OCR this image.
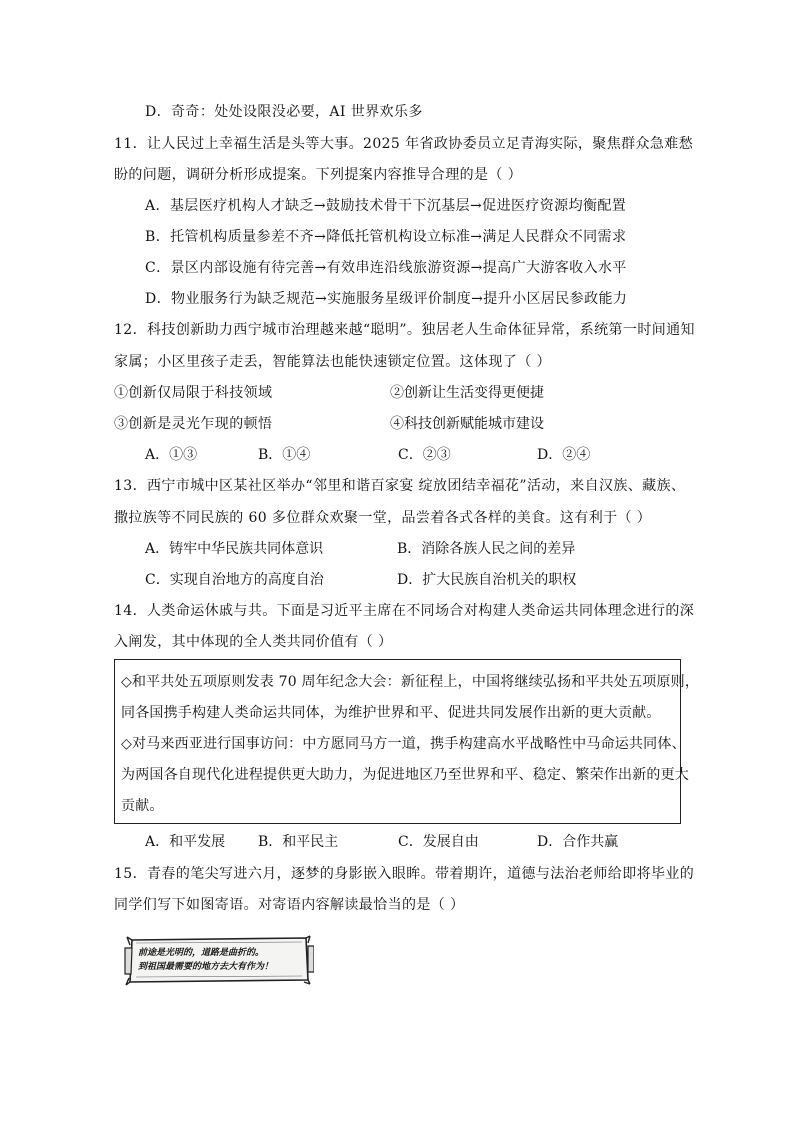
D．奇奇：处处设限没必要，AI 世界欢乐多
11．让人民过上幸福生活是头等大事。2025 年省政协委员立足青海实际，聚焦群众急难愁
盼的问题，调研分析形成提案。下列提案内容推导合理的是（ ）
A．基层医疗机构人才缺乏→鼓励技术骨干下沉基层→促进医疗资源均衡配置
B．托管机构质量参差不齐→降低托管机构设立标准→满足人民群众不同需求
C．景区内部设施有待完善→有效串连沿线旅游资源→提高广大游客收入水平
D．物业服务行为缺乏规范→实施服务星级评价制度→提升小区居民参政能力
12．科技创新助力西宁城市治理越来越“聪明”。独居老人生命体征异常，系统第一时间通知
家属；小区里孩子走丢，智能算法也能快速锁定位置。这体现了（ ）
①创新仅局限于科技领域	②创新让生活变得更便捷
③创新是灵光乍现的顿悟	④科技创新赋能城市建设
A．①③	B．①④	C．②③	D．②④
13．西宁市城中区某社区举办“邻里和谐百家宴 绽放团结幸福花”活动，来自汉族、藏族、
撒拉族等不同民族的 60 多位群众欢聚一堂，品尝着各式各样的美食。这有利于（ ）
A．铸牢中华民族共同体意识	B．消除各族人民之间的差异
C．实现自治地方的高度自治	D．扩大民族自治机关的职权
14．人类命运休戚与共。下面是习近平主席在不同场合对构建人类命运共同体理念进行的深
入阐发，其中体现的全人类共同价值有（ ）
◇和平共处五项原则发表 70 周年纪念大会：新征程上，中国将继续弘扬和平共处五项原则，
同各国携手构建人类命运共同体，为维护世界和平、促进共同发展作出新的更大贡献。
◇对马来西亚进行国事访问：中方愿同马方一道，携手构建高水平战略性中马命运共同体、
为两国各自现代化进程提供更大助力，为促进地区乃至世界和平、稳定、繁荣作出新的更大
贡献。
A．和平发展 B．和平民主	C．发展自由	D．合作共赢
15．青春的笔尖写进六月，逐梦的身影嵌入眼眸。带着期许，道德与法治老师给即将毕业的
同学们写下如图寄语。对寄语内容解读最恰当的是（ ）
前途是光明的，道路是曲折的。
到祖国最需要的地方去大有作为！
